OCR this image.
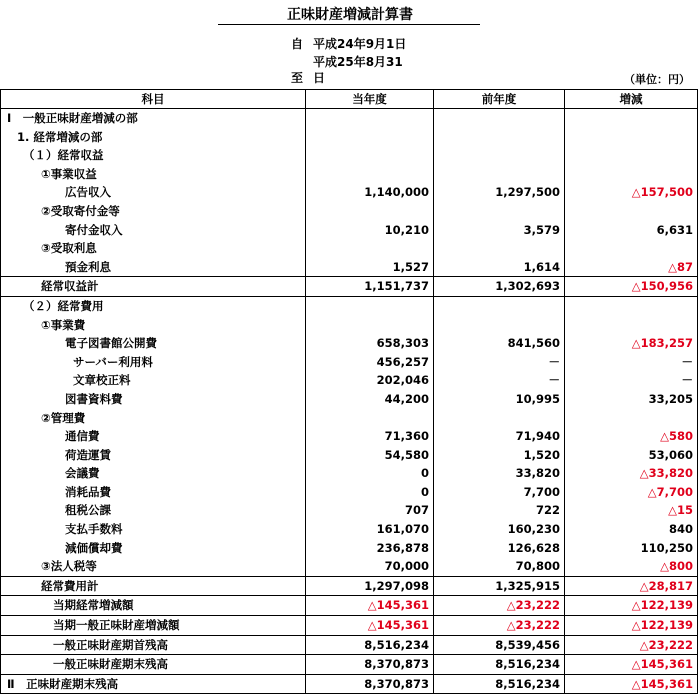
正味財産増減計算書
自 平成24年9月1日
至平成25年8月31日	（単位：円）
科目	当年度	前年度	増減
Ⅰ　一般正味財産増減の部			
1. 経常増減の部			
（１）経常収益			
①事業収益			
広告収入	1,140,000	1,297,500	△157,500
②受取寄付金等			
寄付金収入	10,210	3,579	6,631
③受取利息			
預金利息	1,527	1,614	△87
経常収益計	1,151,737	1,302,693	△150,956
（２）経常費用			
①事業費			
電子図書館公開費	658,303	841,560	△183,257
サーバー利用料	456,257	－	－
文章校正料	202,046	－	－
図書資料費	44,200	10,995	33,205
②管理費			
通信費	71,360	71,940	△580
荷造運賃	54,580	1,520	53,060
会議費	0	33,820	△33,820
消耗品費	0	7,700	△7,700
租税公課	707	722	△15
支払手数料	161,070	160,230	840
減価償却費	236,878	126,628	110,250
③法人税等	70,000	70,800	△800
経常費用計	1,297,098	1,325,915	△28,817
当期経常増減額	△145,361	△23,222	△122,139
当期一般正味財産増減額	△145,361	△23,222	△122,139
一般正味財産期首残高	8,516,234	8,539,456	△23,222
一般正味財産期末残高	8,370,873	8,516,234	△145,361
Ⅱ　正味財産期末残高	8,370,873	8,516,234	△145,361
